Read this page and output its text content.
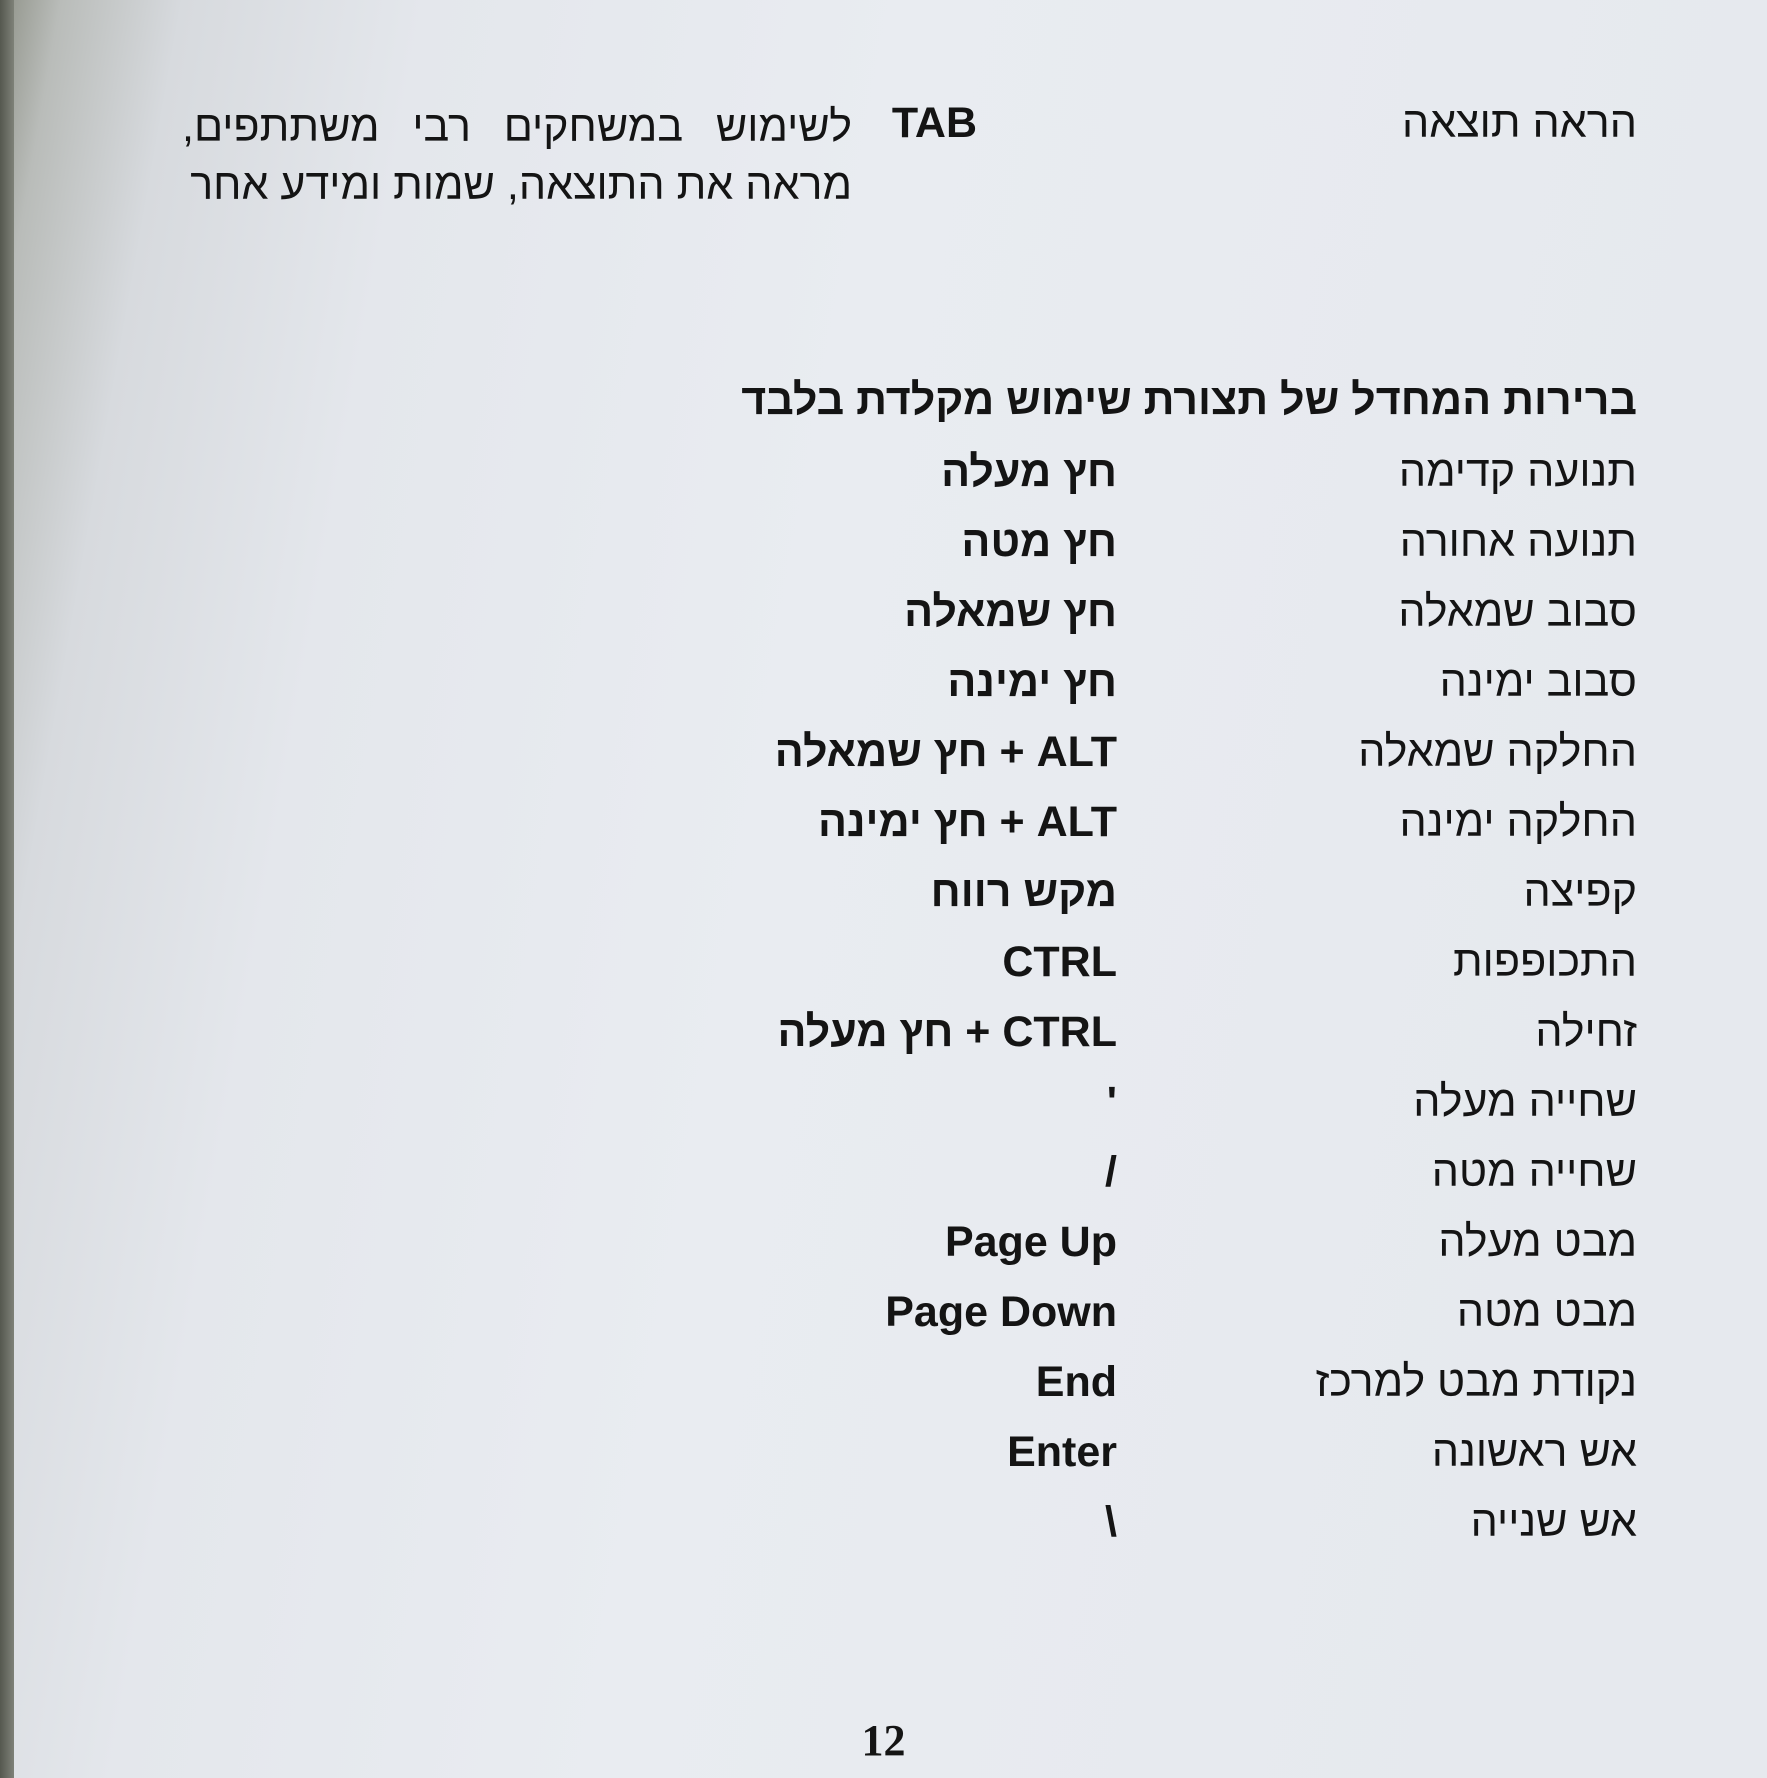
הראה תוצאה
TAB
לשימוש במשחקים רבי משתתפים, מראה את התוצאה, שמות ומידע אחר
ברירות המחדל של תצורת שימוש מקלדת בלבד
תנועה קדימה
חץ מעלה
תנועה אחורה
חץ מטה
סבוב שמאלה
חץ שמאלה
סבוב ימינה
חץ ימינה
החלקה שמאלה
ALT + חץ שמאלה
החלקה ימינה
ALT + חץ ימינה
קפיצה
מקש רווח
התכופפות
CTRL
זחילה
CTRL + חץ מעלה
שחייה מעלה
'
שחייה מטה
/
מבט מעלה
Page Up
מבט מטה
Page Down
נקודת מבט למרכז
End
אש ראשונה
Enter
אש שנייה
\
12
